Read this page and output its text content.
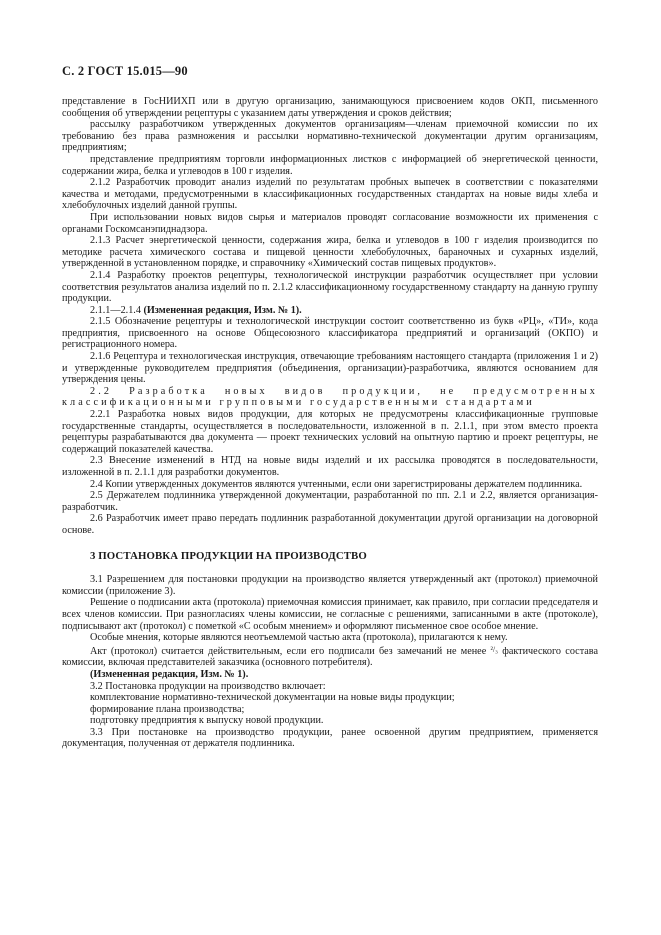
С. 2 ГОСТ 15.015—90

представление в ГосНИИХП или в другую организацию, занимающуюся присвоением кодов ОКП, письменного сообщения об утверждении рецептуры с указанием даты утверждения и сроков действия;

рассылку разработчиком утвержденных документов организациям—членам приемочной комиссии по их требованию без права размножения и рассылки нормативно-технической документации другим организациям, предприятиям;

представление предприятиям торговли информационных листков с информацией об энергетической ценности, содержании жира, белка и углеводов в 100 г изделия.

2.1.2 Разработчик проводит анализ изделий по результатам пробных выпечек в соответствии с показателями качества и методами, предусмотренными в классификационных государственных стандартах на новые виды хлеба и хлебобулочных изделий данной группы.

При использовании новых видов сырья и материалов проводят согласование возможности их применения с органами Госкомсанэпиднадзора.

2.1.3 Расчет энергетической ценности, содержания жира, белка и углеводов в 100 г изделия производится по методике расчета химического состава и пищевой ценности хлебобулочных, бараночных и сухарных изделий, утвержденной в установленном порядке, и справочнику «Химический состав пищевых продуктов».

2.1.4 Разработку проектов рецептуры, технологической инструкции разработчик осуществляет при условии соответствия результатов анализа изделий по п. 2.1.2 классификационному государственному стандарту на данную группу продукции.

2.1.1—2.1.4 (Измененная редакция, Изм. № 1).

2.1.5 Обозначение рецептуры и технологической инструкции состоит соответственно из букв «РЦ», «ТИ», кода предприятия, присвоенного на основе Общесоюзного классификатора предприятий и организаций (ОКПО) и регистрационного номера.

2.1.6 Рецептура и технологическая инструкция, отвечающие требованиям настоящего стандарта (приложения 1 и 2) и утвержденные руководителем предприятия (объединения, организации)-разработчика, являются основанием для утверждения цены.

2.2 Разработка новых видов продукции, не предусмотренных классификационными групповыми государственными стандартами

2.2.1 Разработка новых видов продукции, для которых не предусмотрены классификационные групповые государственные стандарты, осуществляется в последовательности, изложенной в п. 2.1.1, при этом вместо проекта рецептуры разрабатываются два документа — проект технических условий на опытную партию и проект рецептуры, не содержащий показателей качества.

2.3 Внесение изменений в НТД на новые виды изделий и их рассылка проводятся в последовательности, изложенной в п. 2.1.1 для разработки документов.

2.4 Копии утвержденных документов являются учтенными, если они зарегистрированы держателем подлинника.

2.5 Держателем подлинника утвержденной документации, разработанной по пп. 2.1 и 2.2, является организация-разработчик.

2.6 Разработчик имеет право передать подлинник разработанной документации другой организации на договорной основе.

3 ПОСТАНОВКА ПРОДУКЦИИ НА ПРОИЗВОДСТВО

3.1 Разрешением для постановки продукции на производство является утвержденный акт (протокол) приемочной комиссии (приложение 3).

Решение о подписании акта (протокола) приемочная комиссия принимает, как правило, при согласии председателя и всех членов комиссии. При разногласиях члены комиссии, не согласные с решениями, записанными в акте (протоколе), подписывают акт (протокол) с пометкой «С особым мнением» и оформляют письменное свое особое мнение.

Особые мнения, которые являются неотъемлемой частью акта (протокола), прилагаются к нему.

Акт (протокол) считается действительным, если его подписали без замечаний не менее ²/₃ фактического состава комиссии, включая представителей заказчика (основного потребителя).

(Измененная редакция, Изм. № 1).

3.2 Постановка продукции на производство включает:

комплектование нормативно-технической документации на новые виды продукции;

формирование плана производства;

подготовку предприятия к выпуску новой продукции.

3.3 При постановке на производство продукции, ранее освоенной другим предприятием, применяется документация, полученная от держателя подлинника.
